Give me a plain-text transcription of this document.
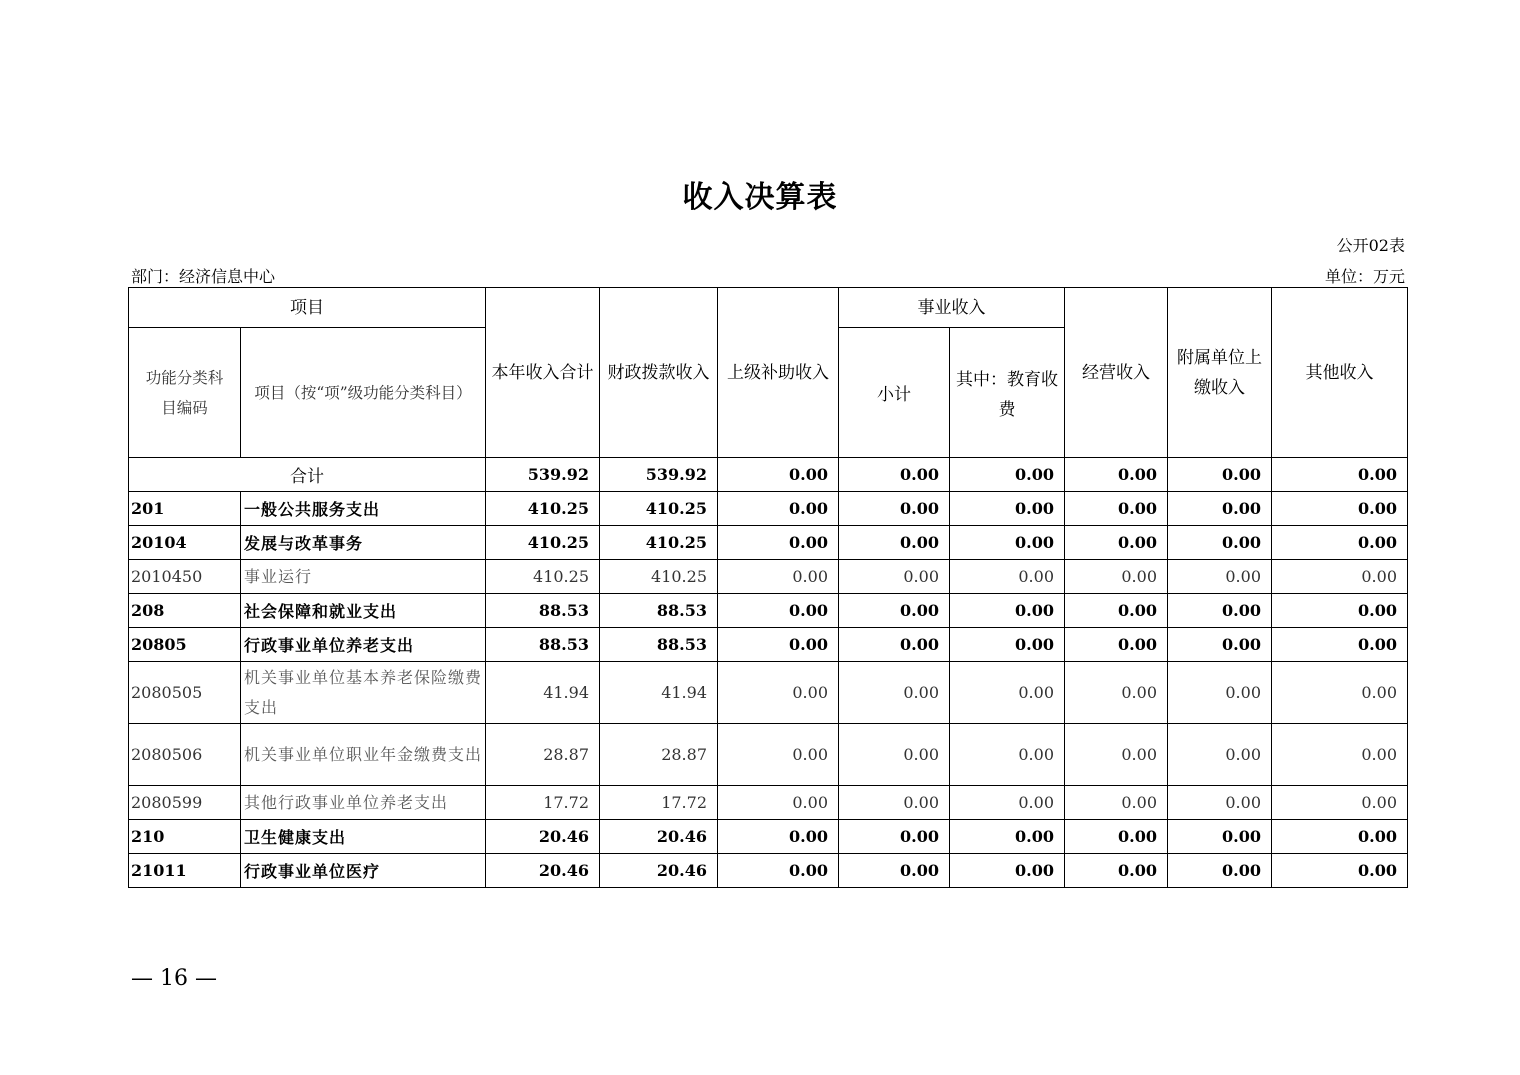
收入决算表
公开02表
部门：经济信息中心	单位：万元
项目		本年收入合计	财政拨款收入	上级补助收入	事业收入		经营收入	附属单位上缴收入	其他收入
功能分类科目编码	项目（按“项”级功能分类科目）				小计	其中：教育收费			
合计		539.92	539.92	0.00	0.00	0.00	0.00	0.00	0.00
201	一般公共服务支出	410.25	410.25	0.00	0.00	0.00	0.00	0.00	0.00
20104	发展与改革事务	410.25	410.25	0.00	0.00	0.00	0.00	0.00	0.00
2010450	事业运行	410.25	410.25	0.00	0.00	0.00	0.00	0.00	0.00
208	社会保障和就业支出	88.53	88.53	0.00	0.00	0.00	0.00	0.00	0.00
20805	行政事业单位养老支出	88.53	88.53	0.00	0.00	0.00	0.00	0.00	0.00
2080505	机关事业单位基本养老保险缴费支出	41.94	41.94	0.00	0.00	0.00	0.00	0.00	0.00
2080506	机关事业单位职业年金缴费支出	28.87	28.87	0.00	0.00	0.00	0.00	0.00	0.00
2080599	其他行政事业单位养老支出	17.72	17.72	0.00	0.00	0.00	0.00	0.00	0.00
210	卫生健康支出	20.46	20.46	0.00	0.00	0.00	0.00	0.00	0.00
21011	行政事业单位医疗	20.46	20.46	0.00	0.00	0.00	0.00	0.00	0.00
— 16 —
